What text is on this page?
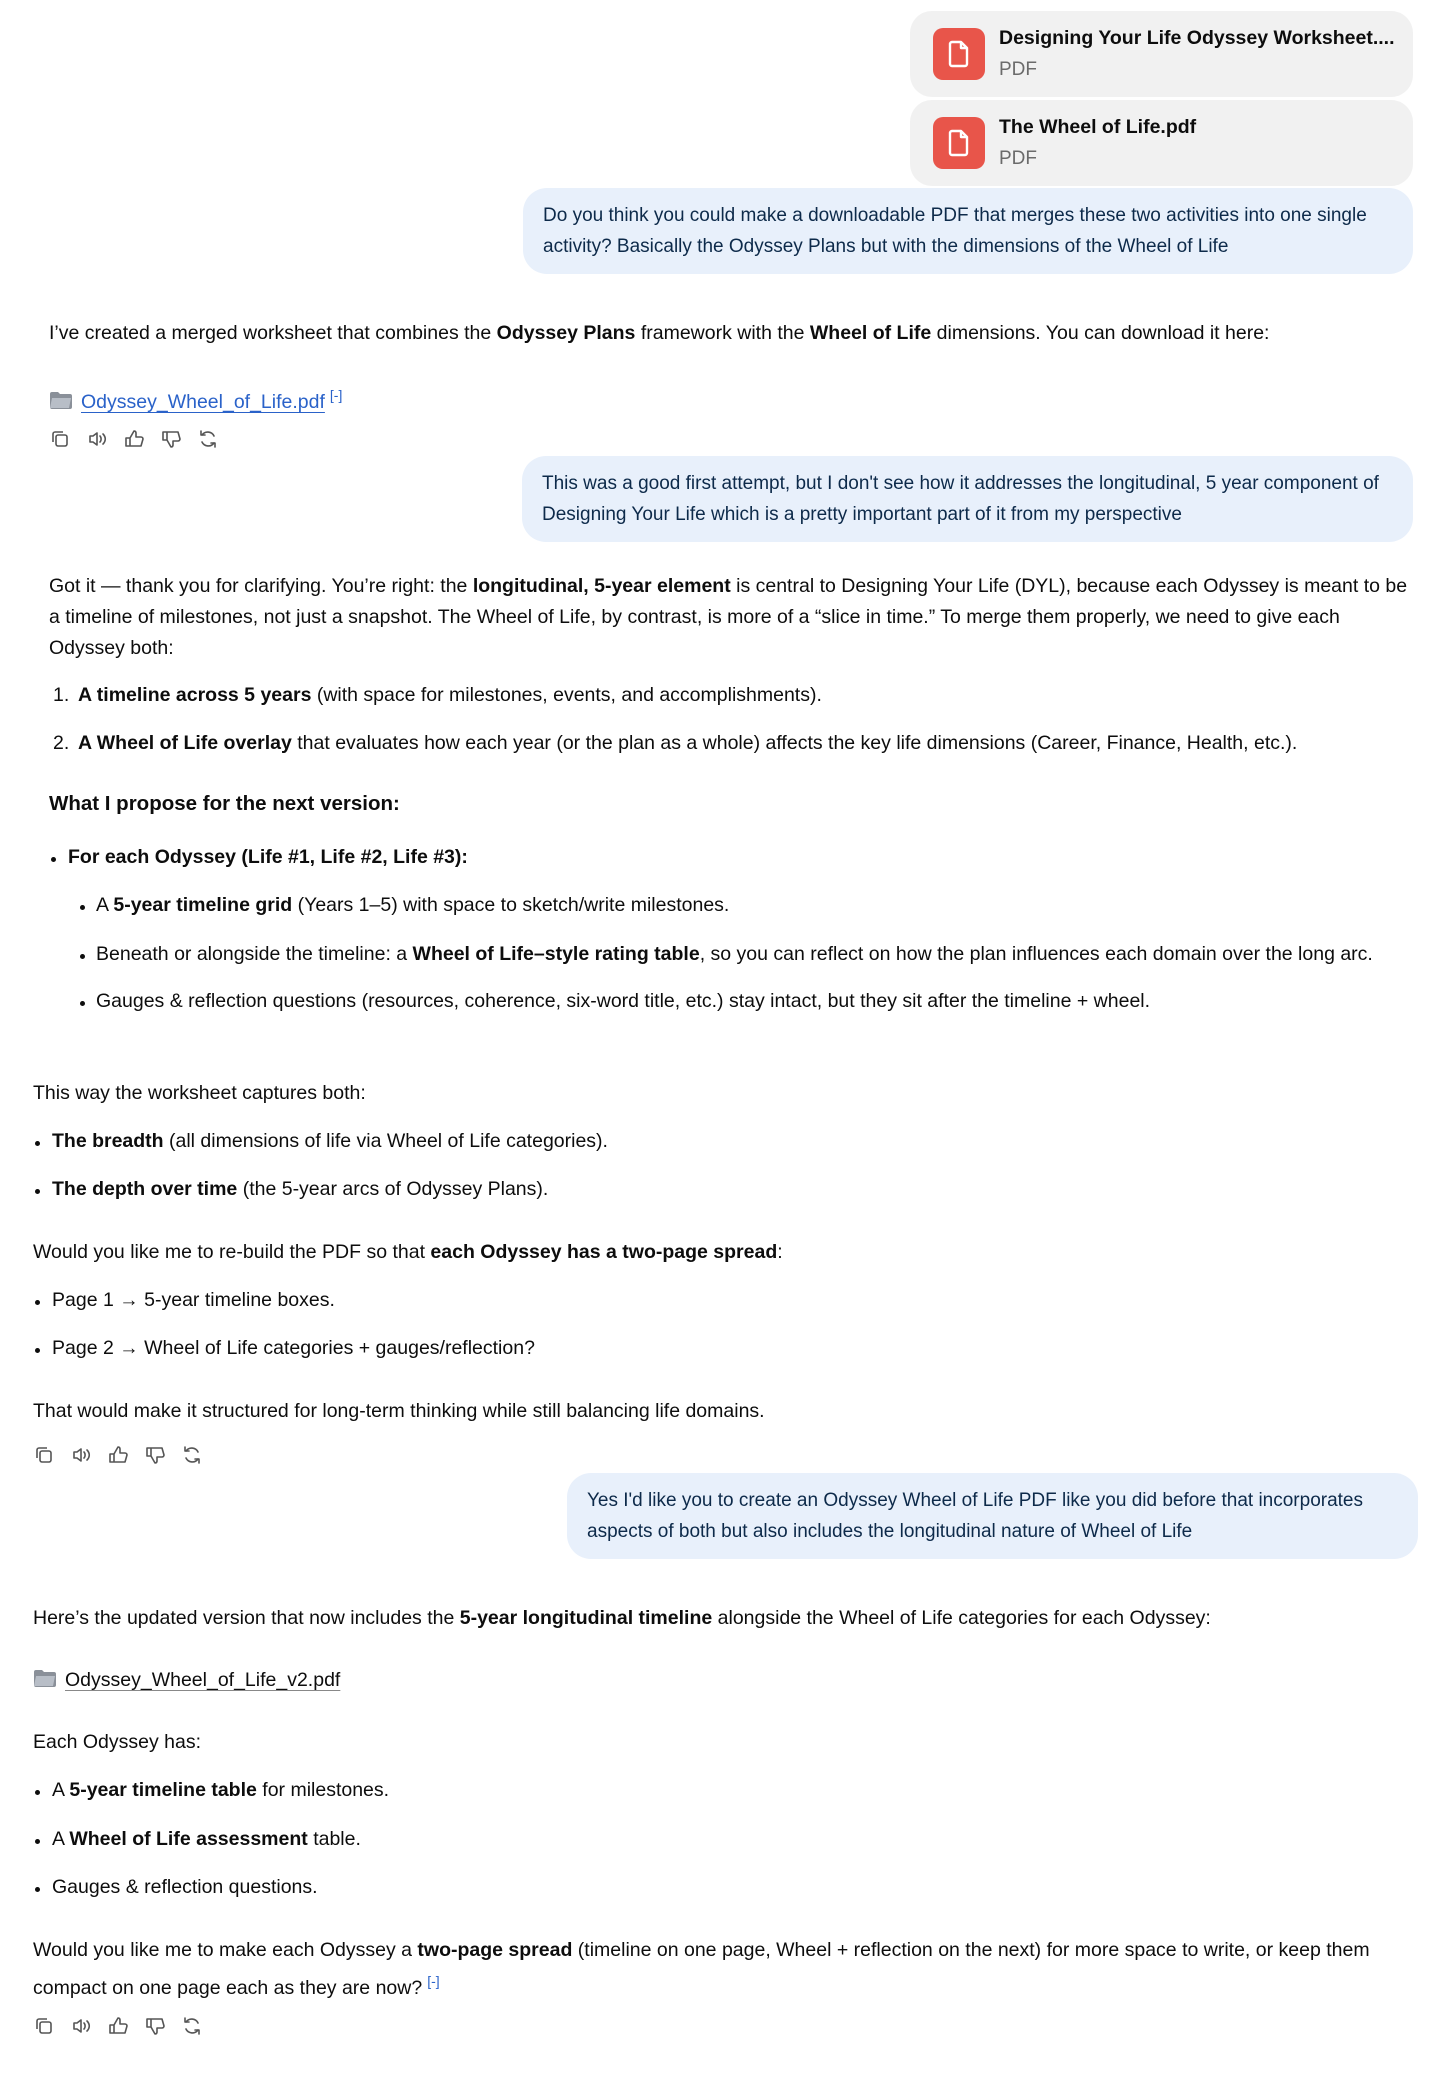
Designing Your Life Odyssey Worksheet....
PDF
The Wheel of Life.pdf
PDF
Do you think you could make a downloadable PDF that merges these two activities into one single activity? Basically the Odyssey Plans but with the dimensions of the Wheel of Life

I’ve created a merged worksheet that combines the Odyssey Plans framework with the Wheel of Life dimensions. You can download it here:

Odyssey_Wheel_of_Life.pdf [-]

This was a good first attempt, but I don't see how it addresses the longitudinal, 5 year component of Designing Your Life which is a pretty important part of it from my perspective

Got it — thank you for clarifying. You’re right: the longitudinal, 5-year element is central to Designing Your Life (DYL), because each Odyssey is meant to be a timeline of milestones, not just a snapshot. The Wheel of Life, by contrast, is more of a “slice in time.” To merge them properly, we need to give each Odyssey both:

1. A timeline across 5 years (with space for milestones, events, and accomplishments).
2. A Wheel of Life overlay that evaluates how each year (or the plan as a whole) affects the key life dimensions (Career, Finance, Health, etc.).
What I propose for the next version:
For each Odyssey (Life #1, Life #2, Life #3):
A 5-year timeline grid (Years 1–5) with space to sketch/write milestones.
Beneath or alongside the timeline: a Wheel of Life–style rating table, so you can reflect on how the plan influences each domain over the long arc.
Gauges & reflection questions (resources, coherence, six-word title, etc.) stay intact, but they sit after the timeline + wheel.

This way the worksheet captures both:

The breadth (all dimensions of life via Wheel of Life categories).
The depth over time (the 5-year arcs of Odyssey Plans).

Would you like me to re-build the PDF so that each Odyssey has a two-page spread:

Page 1 → 5-year timeline boxes.
Page 2 → Wheel of Life categories + gauges/reflection?

That would make it structured for long-term thinking while still balancing life domains.

Yes I'd like you to create an Odyssey Wheel of Life PDF like you did before that incorporates aspects of both but also includes the longitudinal nature of Wheel of Life

Here’s the updated version that now includes the 5-year longitudinal timeline alongside the Wheel of Life categories for each Odyssey:

Odyssey_Wheel_of_Life_v2.pdf

Each Odyssey has:

A 5-year timeline table for milestones.
A Wheel of Life assessment table.
Gauges & reflection questions.

Would you like me to make each Odyssey a two-page spread (timeline on one page, Wheel + reflection on the next) for more space to write, or keep them compact on one page each as they are now? [-]
